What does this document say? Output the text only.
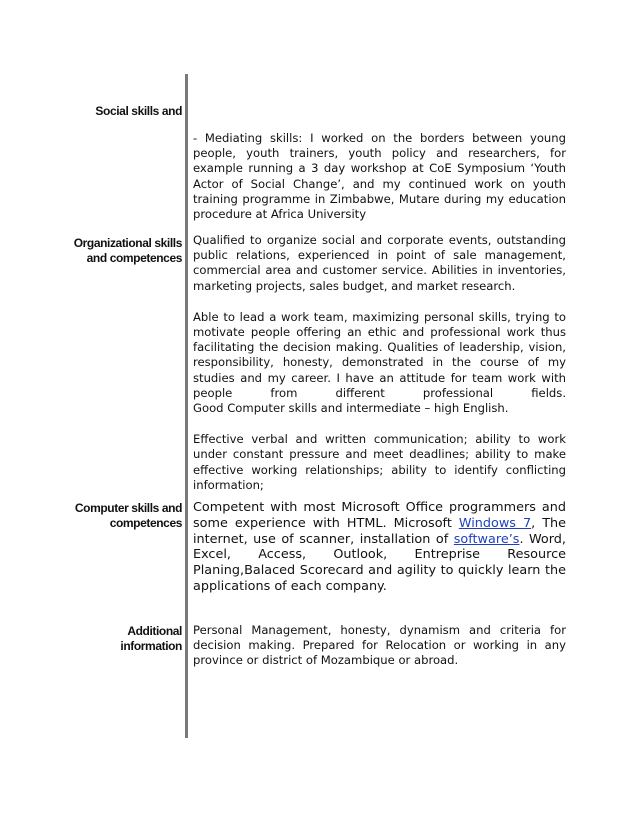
Social skills and

- Mediating skills: I worked on the borders between young people, youth trainers, youth policy and researchers, for example running a 3 day workshop at CoE Symposium ‘Youth Actor of Social Change’, and my continued work on youth training programme in Zimbabwe, Mutare during my education procedure at Africa University

Organizational skills
and competences

Qualified to organize social and corporate events, outstanding public relations, experienced in point of sale management, commercial area and customer service. Abilities in inventories, marketing projects, sales budget, and market research.

Able to lead a work team, maximizing personal skills, trying to motivate people offering an ethic and professional work thus facilitating the decision making. Qualities of leadership, vision, responsibility, honesty, demonstrated in the course of my studies and my career. I have an attitude for team work with people from different professional fields.

Good Computer skills and intermediate – high English.

Effective verbal and written communication; ability to work under constant pressure and meet deadlines; ability to make effective working relationships; ability to identify conflicting information;

Computer skills and
competences

Competent with most Microsoft Office programmers and some experience with HTML. Microsoft Windows 7, The internet, use of scanner, installation of software’s. Word, Excel, Access, Outlook, Entreprise Resource Planing,Balaced Scorecard and agility to quickly learn the applications of each company.

Additional
information

Personal Management, honesty, dynamism and criteria for decision making. Prepared for Relocation or working in any province or district of Mozambique or abroad.
